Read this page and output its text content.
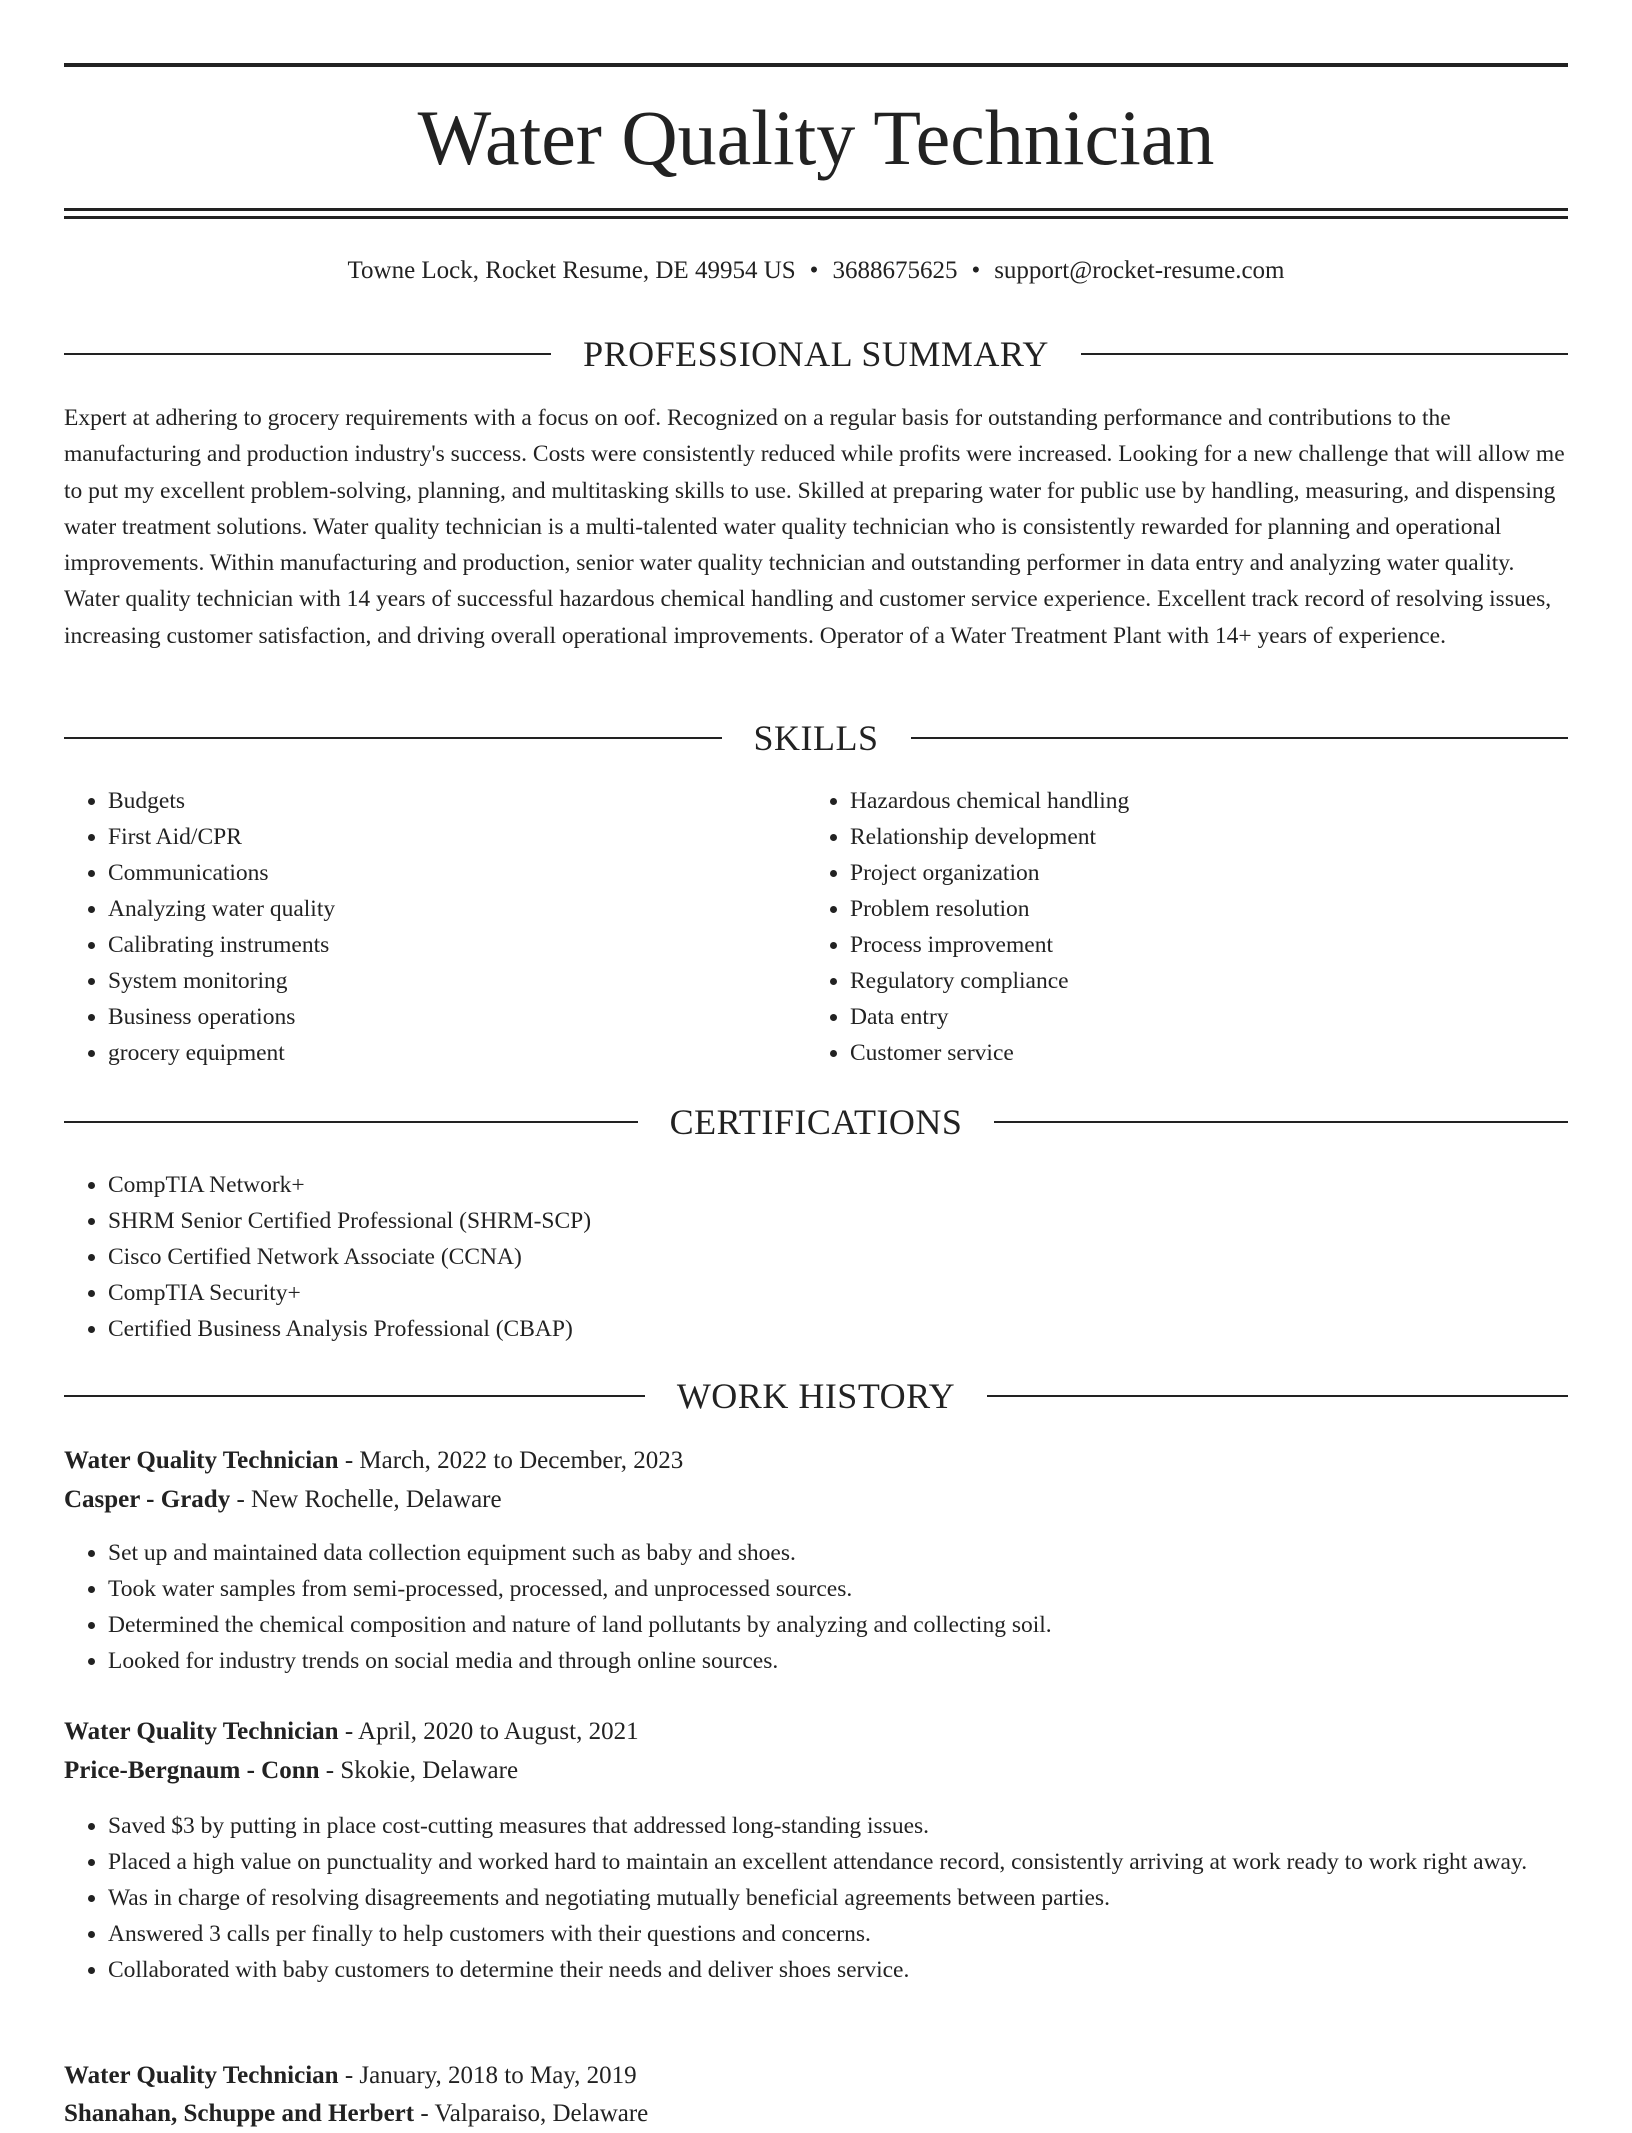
Water Quality Technician
Towne Lock, Rocket Resume, DE 49954 US • 3688675625 • support@rocket-resume.com
PROFESSIONAL SUMMARY

Expert at adhering to grocery requirements with a focus on oof. Recognized on a regular basis for outstanding performance and contributions to the manufacturing and production industry's success. Costs were consistently reduced while profits were increased. Looking for a new challenge that will allow me to put my excellent problem-solving, planning, and multitasking skills to use. Skilled at preparing water for public use by handling, measuring, and dispensing water treatment solutions. Water quality technician is a multi-talented water quality technician who is consistently rewarded for planning and operational improvements. Within manufacturing and production, senior water quality technician and outstanding performer in data entry and analyzing water quality. Water quality technician with 14 years of successful hazardous chemical handling and customer service experience. Excellent track record of resolving issues, increasing customer satisfaction, and driving overall operational improvements. Operator of a Water Treatment Plant with 14+ years of experience.

SKILLS
• Budgets
• First Aid/CPR
• Communications
• Analyzing water quality
• Calibrating instruments
• System monitoring
• Business operations
• grocery equipment
• Hazardous chemical handling
• Relationship development
• Project organization
• Problem resolution
• Process improvement
• Regulatory compliance
• Data entry
• Customer service
CERTIFICATIONS
• CompTIA Network+
• SHRM Senior Certified Professional (SHRM-SCP)
• Cisco Certified Network Associate (CCNA)
• CompTIA Security+
• Certified Business Analysis Professional (CBAP)
WORK HISTORY
Water Quality Technician - March, 2022 to December, 2023
Casper - Grady - New Rochelle, Delaware
• Set up and maintained data collection equipment such as baby and shoes.
• Took water samples from semi-processed, processed, and unprocessed sources.
• Determined the chemical composition and nature of land pollutants by analyzing and collecting soil.
• Looked for industry trends on social media and through online sources.
Water Quality Technician - April, 2020 to August, 2021
Price-Bergnaum - Conn - Skokie, Delaware
• Saved $3 by putting in place cost-cutting measures that addressed long-standing issues.
• Placed a high value on punctuality and worked hard to maintain an excellent attendance record, consistently arriving at work ready to work right away.
• Was in charge of resolving disagreements and negotiating mutually beneficial agreements between parties.
• Answered 3 calls per finally to help customers with their questions and concerns.
• Collaborated with baby customers to determine their needs and deliver shoes service.
Water Quality Technician - January, 2018 to May, 2019
Shanahan, Schuppe and Herbert - Valparaiso, Delaware
